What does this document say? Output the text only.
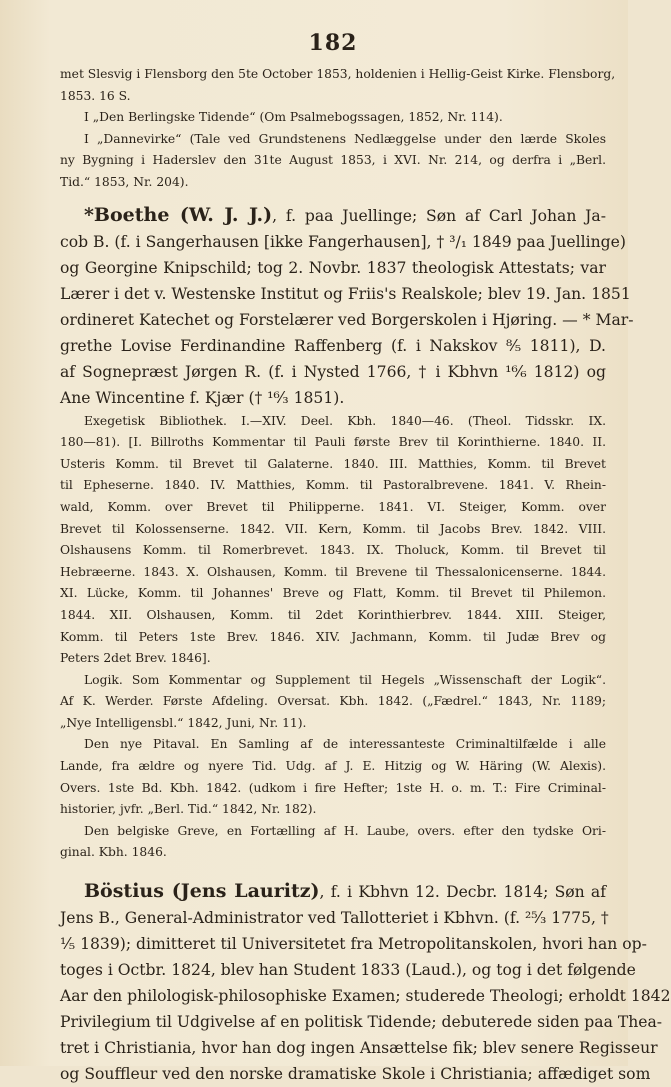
182
met Slesvig i Flensborg den 5te October 1853, holdenien i Hellig-Geist Kirke. Flensborg,
1853. 16 S.
I „Den Berlingske Tidende“ (Om Psalmebogssagen, 1852, Nr. 114).
I „Dannevirke“ (Tale ved Grundstenens Nedlæggelse under den lærde Skoles
ny Bygning i Haderslev den 31te August 1853, i XVI. Nr. 214, og derfra i „Berl.
Tid.“ 1853, Nr. 204).
*Boethe (W. J. J.), f. paa Juellinge; Søn af Carl Johan Ja-
cob B. (f. i Sangerhausen [ikke Fangerhausen], † ³/₁ 1849 paa Juellinge)
og Georgine Knipschild; tog 2. Novbr. 1837 theologisk Attestats; var
Lærer i det v. Westenske Institut og Friis's Realskole; blev 19. Jan. 1851
ordineret Katechet og Forstelærer ved Borgerskolen i Hjøring. — * Mar-
grethe Lovise Ferdinandine Raffenberg (f. i Nakskov ⁸⁄₅ 1811), D.
af Sognepræst Jørgen R. (f. i Nysted 1766, † i Kbhvn ¹⁶⁄₆ 1812) og
Ane Wincentine f. Kjær († ¹⁶⁄₃ 1851).
Exegetisk Bibliothek. I.—XIV. Deel. Kbh. 1840—46. (Theol. Tidsskr. IX.
180—81). [I. Billroths Kommentar til Pauli første Brev til Korinthierne. 1840. II.
Usteris Komm. til Brevet til Galaterne. 1840. III. Matthies, Komm. til Brevet
til Epheserne. 1840. IV. Matthies, Komm. til Pastoralbrevene. 1841. V. Rhein-
wald, Komm. over Brevet til Philipperne. 1841. VI. Steiger, Komm. over
Brevet til Kolossenserne. 1842. VII. Kern, Komm. til Jacobs Brev. 1842. VIII.
Olshausens Komm. til Romerbrevet. 1843. IX. Tholuck, Komm. til Brevet til
Hebræerne. 1843. X. Olshausen, Komm. til Brevene til Thessalonicenserne. 1844.
XI. Lücke, Komm. til Johannes' Breve og Flatt, Komm. til Brevet til Philemon.
1844. XII. Olshausen, Komm. til 2det Korinthierbrev. 1844. XIII. Steiger,
Komm. til Peters 1ste Brev. 1846. XIV. Jachmann, Komm. til Judæ Brev og
Peters 2det Brev. 1846].
Logik. Som Kommentar og Supplement til Hegels „Wissenschaft der Logik“.
Af K. Werder. Første Afdeling. Oversat. Kbh. 1842. („Fædrel.“ 1843, Nr. 1189;
„Nye Intelligensbl.“ 1842, Juni, Nr. 11).
Den nye Pitaval. En Samling af de interessanteste Criminaltilfælde i alle
Lande, fra ældre og nyere Tid. Udg. af J. E. Hitzig og W. Häring (W. Alexis).
Overs. 1ste Bd. Kbh. 1842. (udkom i fire Hefter; 1ste H. o. m. T.: Fire Criminal-
historier, jvfr. „Berl. Tid.“ 1842, Nr. 182).
Den belgiske Greve, en Fortælling af H. Laube, overs. efter den tydske Ori-
ginal. Kbh. 1846.
Böstius (Jens Lauritz), f. i Kbhvn 12. Decbr. 1814; Søn af
Jens B., General-Administrator ved Tallotteriet i Kbhvn. (f. ²⁵⁄₃ 1775, †
¹⁄₅ 1839); dimitteret til Universitetet fra Metropolitanskolen, hvori han op-
toges i Octbr. 1824, blev han Student 1833 (Laud.), og tog i det følgende
Aar den philologisk-philosophiske Examen; studerede Theologi; erholdt 1842
Privilegium til Udgivelse af en politisk Tidende; debuterede siden paa Thea-
tret i Christiania, hvor han dog ingen Ansættelse fik; blev senere Regisseur
og Souffleur ved den norske dramatiske Skole i Christiania; affædiget som
